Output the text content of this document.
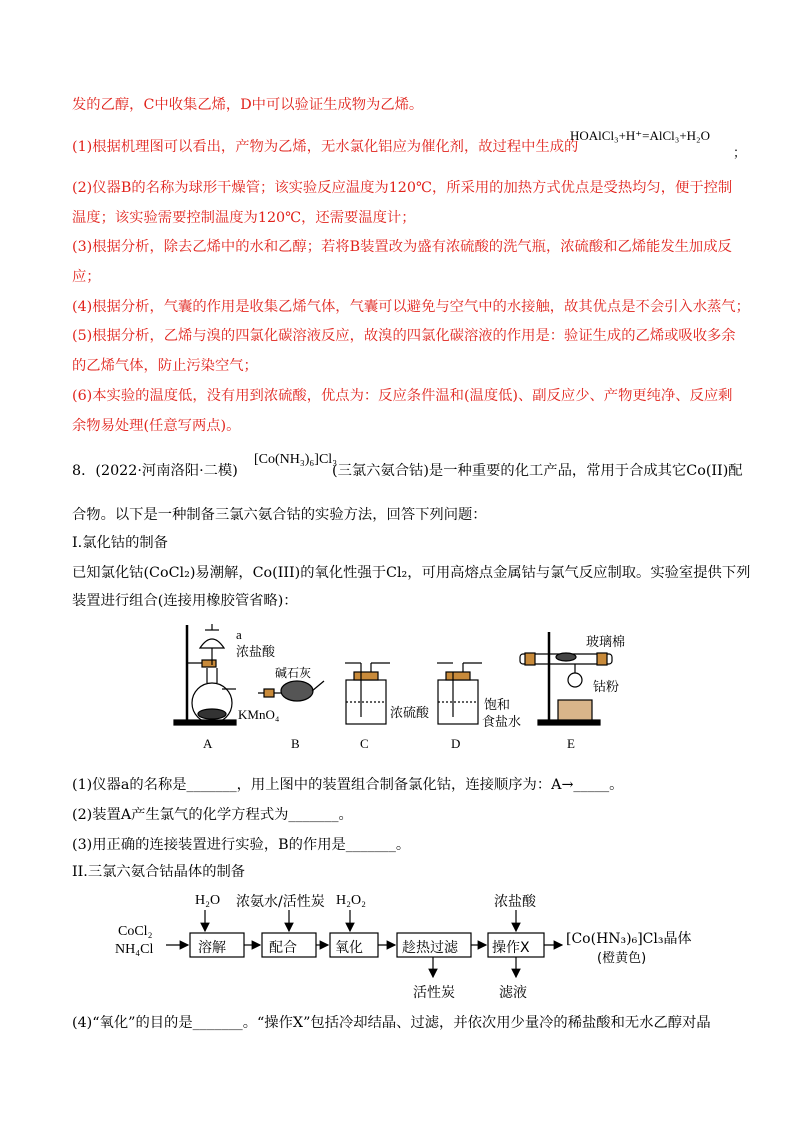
发的乙醇，C中收集乙烯，D中可以验证生成物为乙烯。
(1)根据机理图可以看出，产物为乙烯，无水氯化铝应为催化剂，故过程中生成的
HOAlCl₃+H⁺=AlCl₃+H₂O
；
(2)仪器B的名称为球形干燥管；该实验反应温度为120℃，所采用的加热方式优点是受热均匀，便于控制
温度；该实验需要控制温度为120℃，还需要温度计；
(3)根据分析，除去乙烯中的水和乙醇；若将B装置改为盛有浓硫酸的洗气瓶，浓硫酸和乙烯能发生加成反
应；
(4)根据分析，气囊的作用是收集乙烯气体，气囊可以避免与空气中的水接触，故其优点是不会引入水蒸气；
(5)根据分析，乙烯与溴的四氯化碳溶液反应，故溴的四氯化碳溶液的作用是：验证生成的乙烯或吸收多余
的乙烯气体，防止污染空气；
(6)本实验的温度低，没有用到浓硫酸，优点为：反应条件温和(温度低)、副反应少、产物更纯净、反应剩
余物易处理(任意写两点)。
8．(2022·河南洛阳·二模)
[Co(NH₃)₆]Cl₃
(三氯六氨合钴)是一种重要的化工产品，常用于合成其它Co(II)配
合物。以下是一种制备三氯六氨合钴的实验方法，回答下列问题：
I.氯化钴的制备
已知氯化钴(CoCl₂)易潮解，Co(III)的氧化性强于Cl₂，可用高熔点金属钴与氯气反应制取。实验室提供下列
装置进行组合(连接用橡胶管省略)：
a
浓盐酸
KMnO₄
碱石灰
浓硫酸
饱和
食盐水
玻璃棉
钴粉
A	B	C	D	E
(1)仪器a的名称是_______，用上图中的装置组合制备氯化钴，连接顺序为：A→_____。
(2)装置A产生氯气的化学方程式为_______。
(3)用正确的连接装置进行实验，B的作用是_______。
II.三氯六氨合钴晶体的制备
CoCl₂
NH₄Cl
H₂O 浓氨水/活性炭 H₂O₂	浓盐酸
溶解	配合	氧化	趁热过滤 操作X
[Co(HN₃)₆]Cl₃晶体
(橙黄色)
活性炭	滤液
(4)“氧化”的目的是_______。“操作X”包括冷却结晶、过滤，并依次用少量冷的稀盐酸和无水乙醇对晶
